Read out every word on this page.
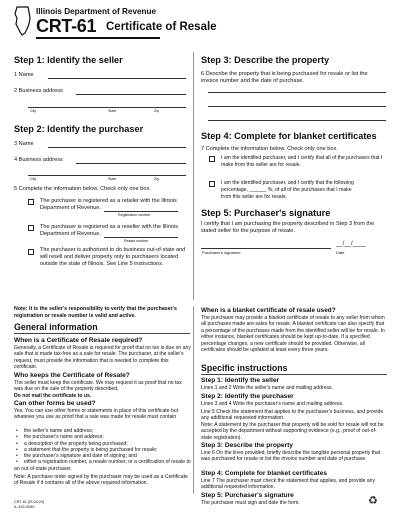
Illinois Department of Revenue
CRT-61 Certificate of Resale
Step 1: Identify the seller
1 Name
2 Business address
City	State	Zip
Step 2: Identify the purchaser
3 Name
4 Business address
City	State	Zip
5 Complete the information below. Check only one box.
The purchaser is registered as a retailer with the Illinois
Department of Revenue.
Registration number
The purchaser is registered as a reseller with the Illinois
Department of Revenue.
Resale number
The purchaser is authorized to do business out-of-state and will resell and deliver property only to purchasers located outside the state of Illinois. See Line 5 instructions.
Step 3: Describe the property
6 Describe the property that is being purchased for resale or list the invoice number and the date of purchase.
Step 4: Complete for blanket certificates
7 Complete the information below. Check only one box.
I am the identified purchaser, and I certify that all of the purchases that I make from this seller are for resale.
I am the identified purchaser, and I certify that the following
percentage, ______ %, of all of the purchases that I make
from this seller are for resale.
Step 5: Purchaser's signature
I certify that I am purchasing the property described in Step 3 from the stated seller for the purpose of resale.
__/__/____
Purchaser's signature	Date
Note: It is the seller's responsibility to verify that the purchaser's registration or resale number is valid and active.
General information
When is a Certificate of Resale required?
Generally, a Certificate of Resale is required for proof that no tax is due on any sale that is made tax-free as a sale for resale. The purchaser, at the seller's request, must provide the information that is needed to complete this certificate.
Who keeps the Certificate of Resale?
The seller must keep the certificate. We may request it as proof that no tax was due on the sale of the property described.
Do not mail the certificate to us.
Can other forms be used?
Yes. You can use other forms or statements in place of this certificate but whatever you use as proof that a sale was made for resale must contain
• the seller's name and address;
• the purchaser's name and address;
• a description of the property being purchased;
• a statement that the property is being purchased for resale;
• the purchaser's signature and date of signing; and
• either a registration number, a resale number, or a certification of resale to an out-of-state purchaser.
Note: A purchase order signed by the purchaser may be used as a Certificate of Resale if it contains all of the above required information.
When is a blanket certificate of resale used?
The purchaser may provide a blanket certificate of resale to any seller from whom all purchases made are sales for resale. A blanket certificate can also specify that a percentage of the purchases made from the identified seller will be for resale. In either instance, blanket certificates should be kept up-to-date. If a specified percentage changes, a new certificate should be provided. Otherwise, all certificates should be updated at least every three years.
Specific instructions
Step 1: Identify the seller
Lines 1 and 2 Write the seller's name and mailing address.
Step 2: Identify the purchaser
Lines 3 and 4 Write the purchaser's name and mailing address.
Line 5 Check the statement that applies to the purchaser's business, and provide any additional requested information.
Note: A statement by the purchaser that property will be sold for resale will not be accepted by the department without supporting evidence (e.g., proof of out-of-state registration).
Step 3: Describe the property
Line 6 On the lines provided, briefly describe the tangible personal property that was purchased for resale or list the invoice number and date of purchase.
Step 4: Complete for blanket certificates
Line 7 The purchaser must check the statement that applies, and provide any additional requested information.
Step 5: Purchaser's signature
The purchaser must sign and date the form.
CRT-61 (R-01/20)
IL-492-0080	♻
